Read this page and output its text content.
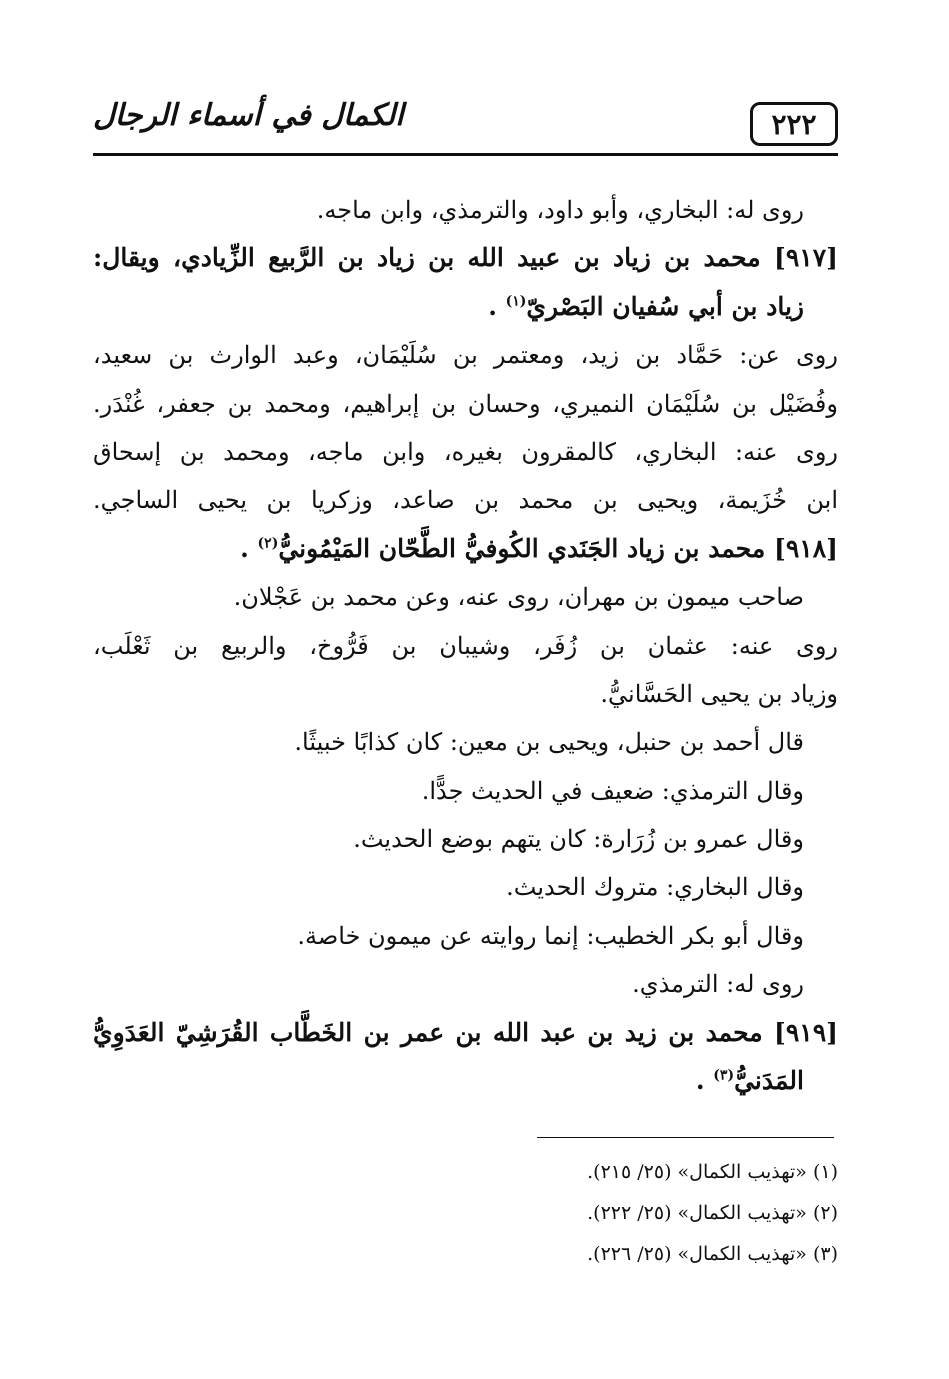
٢٢٢
الكمال في أسماء الرجال
روى له: البخاري، وأبو داود، والترمذي، وابن ماجه.
[٩١٧] محمد بن زياد بن عبيد الله بن زياد بن الرَّبيع الزِّيادي، ويقال:
زياد بن أبي سُفيان البَصْريّ$^{(١)}$ .
روى عن: حَمَّاد بن زيد، ومعتمر بن سُلَيْمَان، وعبد الوارث بن سعيد،
وفُضَيْل بن سُلَيْمَان النميري، وحسان بن إبراهيم، ومحمد بن جعفر، غُنْدَر.
روى عنه: البخاري، كالمقرون بغيره، وابن ماجه، ومحمد بن إسحاق
ابن خُزَيمة، ويحيى بن محمد بن صاعد، وزكريا بن يحيى الساجي.
[٩١٨] محمد بن زياد الجَنَدي الكُوفيُّ الطَّحّان المَيْمُونيُّ$^{(٢)}$ .
صاحب ميمون بن مهران، روى عنه، وعن محمد بن عَجْلان.
روى عنه: عثمان بن زُفَر، وشيبان بن فَرُّوخ، والربيع بن ثَعْلَب،
وزياد بن يحيى الحَسَّانيُّ.
قال أحمد بن حنبل، ويحيى بن معين: كان كذابًا خبيثًا.
وقال الترمذي: ضعيف في الحديث جدًّا.
وقال عمرو بن زُرَارة: كان يتهم بوضع الحديث.
وقال البخاري: متروك الحديث.
وقال أبو بكر الخطيب: إنما روايته عن ميمون خاصة.
روى له: الترمذي.
[٩١٩] محمد بن زيد بن عبد الله بن عمر بن الخَطَّاب القُرَشِيّ العَدَوِيُّ
المَدَنيُّ$^{(٣)}$ .
(١) «تهذيب الكمال» (٢٥/ ٢١٥).
(٢) «تهذيب الكمال» (٢٥/ ٢٢٢).
(٣) «تهذيب الكمال» (٢٥/ ٢٢٦).
